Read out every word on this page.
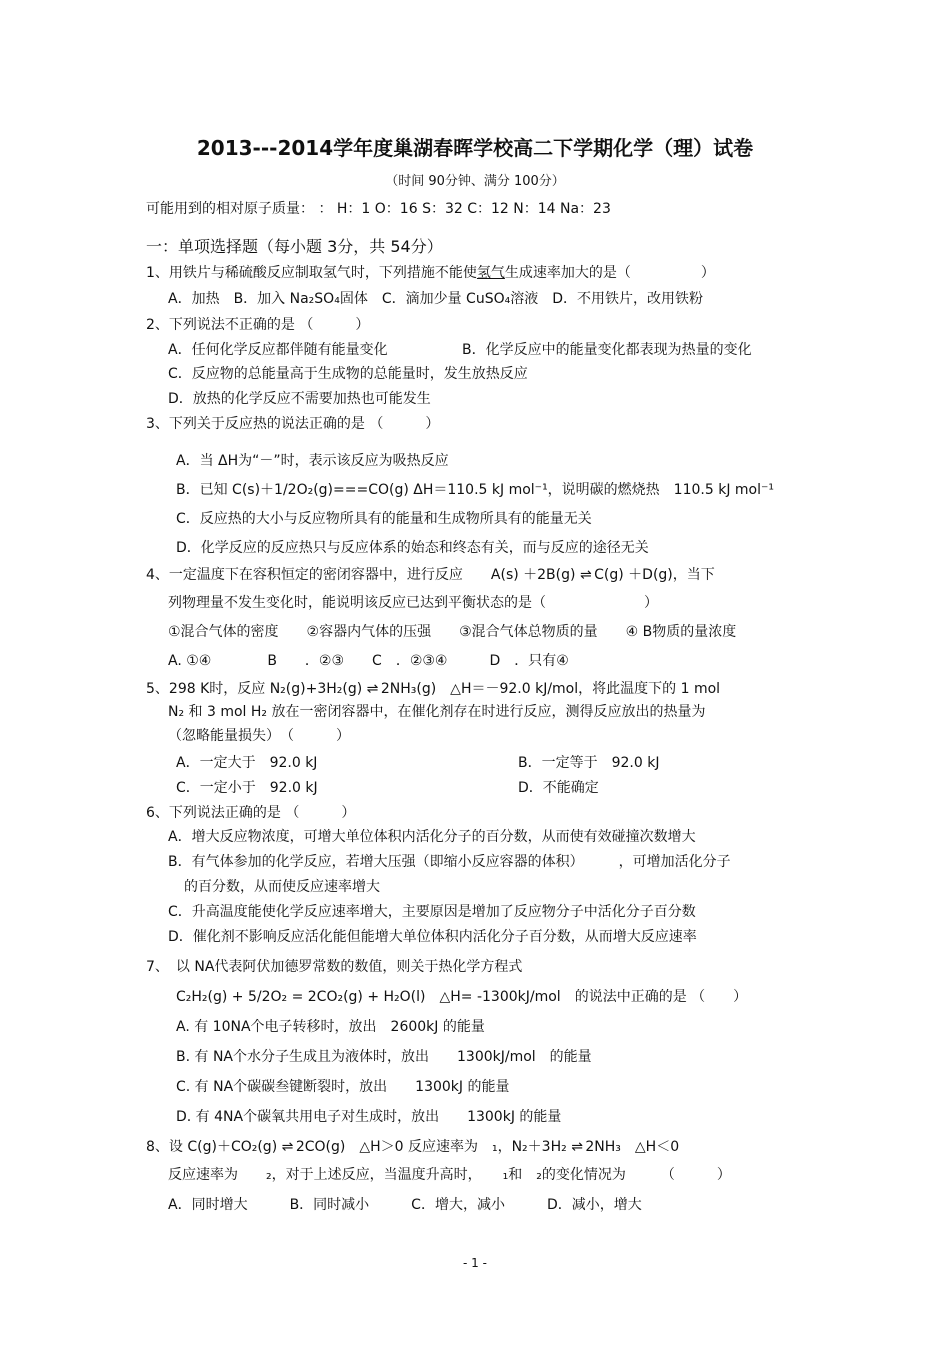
2013---2014学年度巢湖春晖学校高二下学期化学（理）试卷
（时间 90分钟、满分 100分）
可能用到的相对原子质量： ： H：1 O：16 S：32 C：12 N：14 Na：23
一：单项选择题（每小题 3分，共 54分）
1、用铁片与稀硫酸反应制取氢气时，下列措施不能使氢气生成速率加大的是（　　　　　）
A．加热　B．加入 Na₂SO₄固体　C．滴加少量 CuSO₄溶液　D．不用铁片，改用铁粉
2、下列说法不正确的是 （　　　）
A．任何化学反应都伴随有能量变化	B．化学反应中的能量变化都表现为热量的变化
C．反应物的总能量高于生成物的总能量时，发生放热反应
D．放热的化学反应不需要加热也可能发生
3、下列关于反应热的说法正确的是 （　　　）
A．当 ΔH为“－”时，表示该反应为吸热反应
B．已知 C(s)＋1/2O₂(g)===CO(g) ΔH＝110.5 kJ mol⁻¹，说明碳的燃烧热　110.5 kJ mol⁻¹
C．反应热的大小与反应物所具有的能量和生成物所具有的能量无关
D．化学反应的反应热只与反应体系的始态和终态有关，而与反应的途径无关
4、一定温度下在容积恒定的密闭容器中，进行反应　　A(s) ＋2B(g) ⇌ C(g) ＋D(g)，当下
列物理量不发生变化时，能说明该反应已达到平衡状态的是（　　　　　　　）
①混合气体的密度　　②容器内气体的压强　　③混合气体总物质的量　　④ B物质的量浓度
A. ①④　　　　B　　．②③　　C　．②③④　　　D　．只有④
5、298 K时，反应 N₂(g)+3H₂(g) ⇌ 2NH₃(g)　△H＝－92.0 kJ/mol，将此温度下的 1 mol
N₂ 和 3 mol H₂ 放在一密闭容器中，在催化剂存在时进行反应，测得反应放出的热量为
（忽略能量损失）　（　　　）
A．一定大于　92.0 kJ	B．一定等于　92.0 kJ
C．一定小于　92.0 kJ	D．不能确定
6、下列说法正确的是 （　　　）
A．增大反应物浓度，可增大单位体积内活化分子的百分数，从而使有效碰撞次数增大
B．有气体参加的化学反应，若增大压强（即缩小反应容器的体积）　　　，可增加活化分子
的百分数，从而使反应速率增大
C．升高温度能使化学反应速率增大，主要原因是增加了反应物分子中活化分子百分数
D．催化剂不影响反应活化能但能增大单位体积内活化分子百分数，从而增大反应速率
7、　以 NA代表阿伏加德罗常数的数值，则关于热化学方程式
C₂H₂(g) + 5/2O₂ = 2CO₂(g) + H₂O(l)　△H= -1300kJ/mol　的说法中正确的是 （　　）
A. 有 10NA个电子转移时，放出　2600kJ 的能量
B. 有 NA个水分子生成且为液体时，放出　　1300kJ/mol　的能量
C. 有 NA个碳碳叁键断裂时，放出　　1300kJ 的能量
D. 有 4NA个碳氧共用电子对生成时，放出　　1300kJ 的能量
8、设 C(g)＋CO₂(g) ⇌ 2CO(g)　△H＞0 反应速率为　₁，N₂＋3H₂ ⇌ 2NH₃　△H＜0
反应速率为　　₂，对于上述反应，当温度升高时，　　₁和　₂的变化情况为　　　（　　　）
A．同时增大　　　B．同时减小　　　C．增大，减小　　　D．减小，增大
- 1 -
